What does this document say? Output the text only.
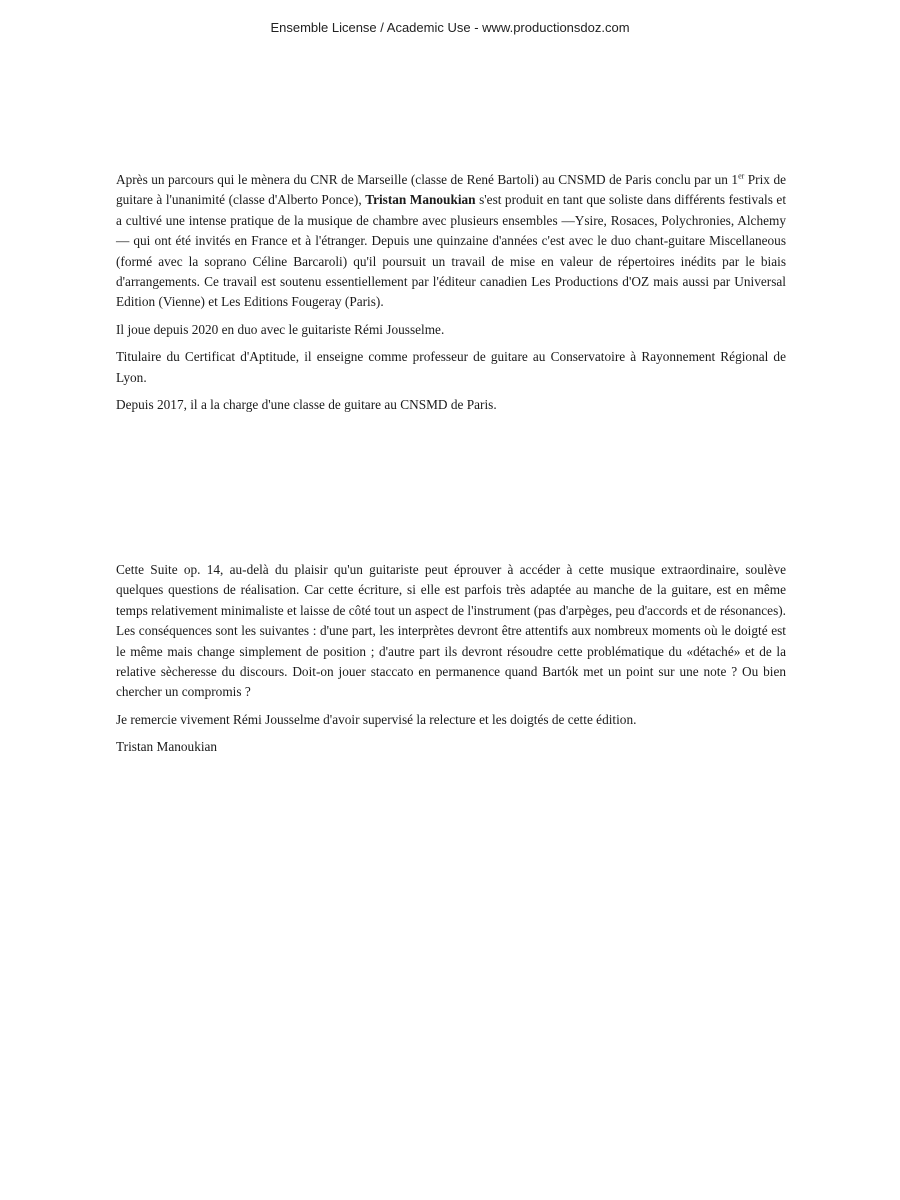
Ensemble License / Academic Use - www.productionsdoz.com

Après un parcours qui le mènera du CNR de Marseille (classe de René Bartoli) au CNSMD de Paris conclu par un 1er Prix de guitare à l'unanimité (classe d'Alberto Ponce), Tristan Manoukian s'est produit en tant que soliste dans différents festivals et a cultivé une intense pratique de la musique de chambre avec plusieurs ensembles —Ysire, Rosaces, Polychronies, Alchemy — qui ont été invités en France et à l'étranger. Depuis une quinzaine d'années c'est avec le duo chant-guitare Miscellaneous (formé avec la soprano Céline Barcaroli) qu'il poursuit un travail de mise en valeur de répertoires inédits par le biais d'arrangements. Ce travail est soutenu essentiellement par l'éditeur canadien Les Productions d'OZ mais aussi par Universal Edition (Vienne) et Les Editions Fougeray (Paris).

Il joue depuis 2020 en duo avec le guitariste Rémi Jousselme.

Titulaire du Certificat d'Aptitude, il enseigne comme professeur de guitare au Conservatoire à Rayonnement Régional de Lyon.

Depuis 2017, il a la charge d'une classe de guitare au CNSMD de Paris.

Cette Suite op. 14, au-delà du plaisir qu'un guitariste peut éprouver à accéder à cette musique extraordinaire, soulève quelques questions de réalisation. Car cette écriture, si elle est parfois très adaptée au manche de la guitare, est en même temps relativement minimaliste et laisse de côté tout un aspect de l'instrument (pas d'arpèges, peu d'accords et de résonances). Les conséquences sont les suivantes : d'une part, les interprètes devront être attentifs aux nombreux moments où le doigté est le même mais change simplement de position ; d'autre part ils devront résoudre cette problématique du «détaché» et de la relative sècheresse du discours. Doit-on jouer staccato en permanence quand Bartók met un point sur une note ? Ou bien chercher un compromis ?

Je remercie vivement Rémi Jousselme d'avoir supervisé la relecture et les doigtés de cette édition.

Tristan Manoukian
